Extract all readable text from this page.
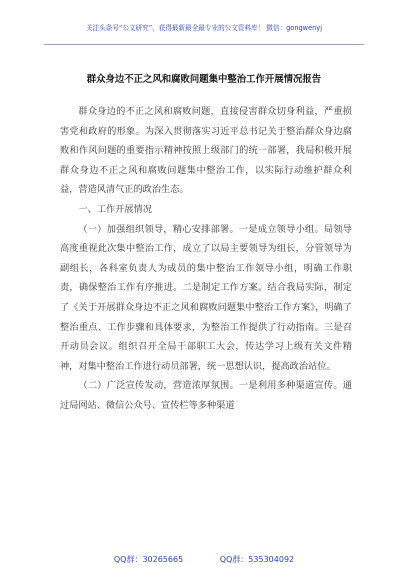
关注头条号“公文研究”，获得最新最全最专业的公文资料库！ 微信：gongwenyj
群众身边不正之风和腐败问题集中整治工作开展情况报告

群众身边的不正之风和腐败问题，直接侵害群众切身利益，严重损害党和政府的形象。为深入贯彻落实习近平总书记关于整治群众身边腐败和作风问题的重要指示精神按照上级部门的统一部署，我局积极开展群众身边不正之风和腐败问题集中整治工作，以实际行动维护群众利益，营造风清气正的政治生态。

一、工作开展情况

（一）加强组织领导，精心安排部署。一是成立领导小组。局领导高度重视此次集中整治工作，成立了以局主要领导为组长，分管领导为副组长，各科室负责人为成员的集中整治工作领导小组，明确工作职责，确保整治工作有序推进。二是制定工作方案。结合我局实际，制定了《关于开展群众身边不正之风和腐败问题集中整治工作方案》，明确了整治重点、工作步骤和具体要求，为整治工作提供了行动指南。三是召开动员会议。组织召开全局干部职工大会，传达学习上级有关文件精神，对集中整治工作进行动员部署，统一思想认识，提高政治站位。

（二）广泛宣传发动，营造浓厚氛围。一是利用多种渠道宣传。通过局网站、微信公众号、宣传栏等多种渠道

QQ群：30265665	QQ群：535304092
